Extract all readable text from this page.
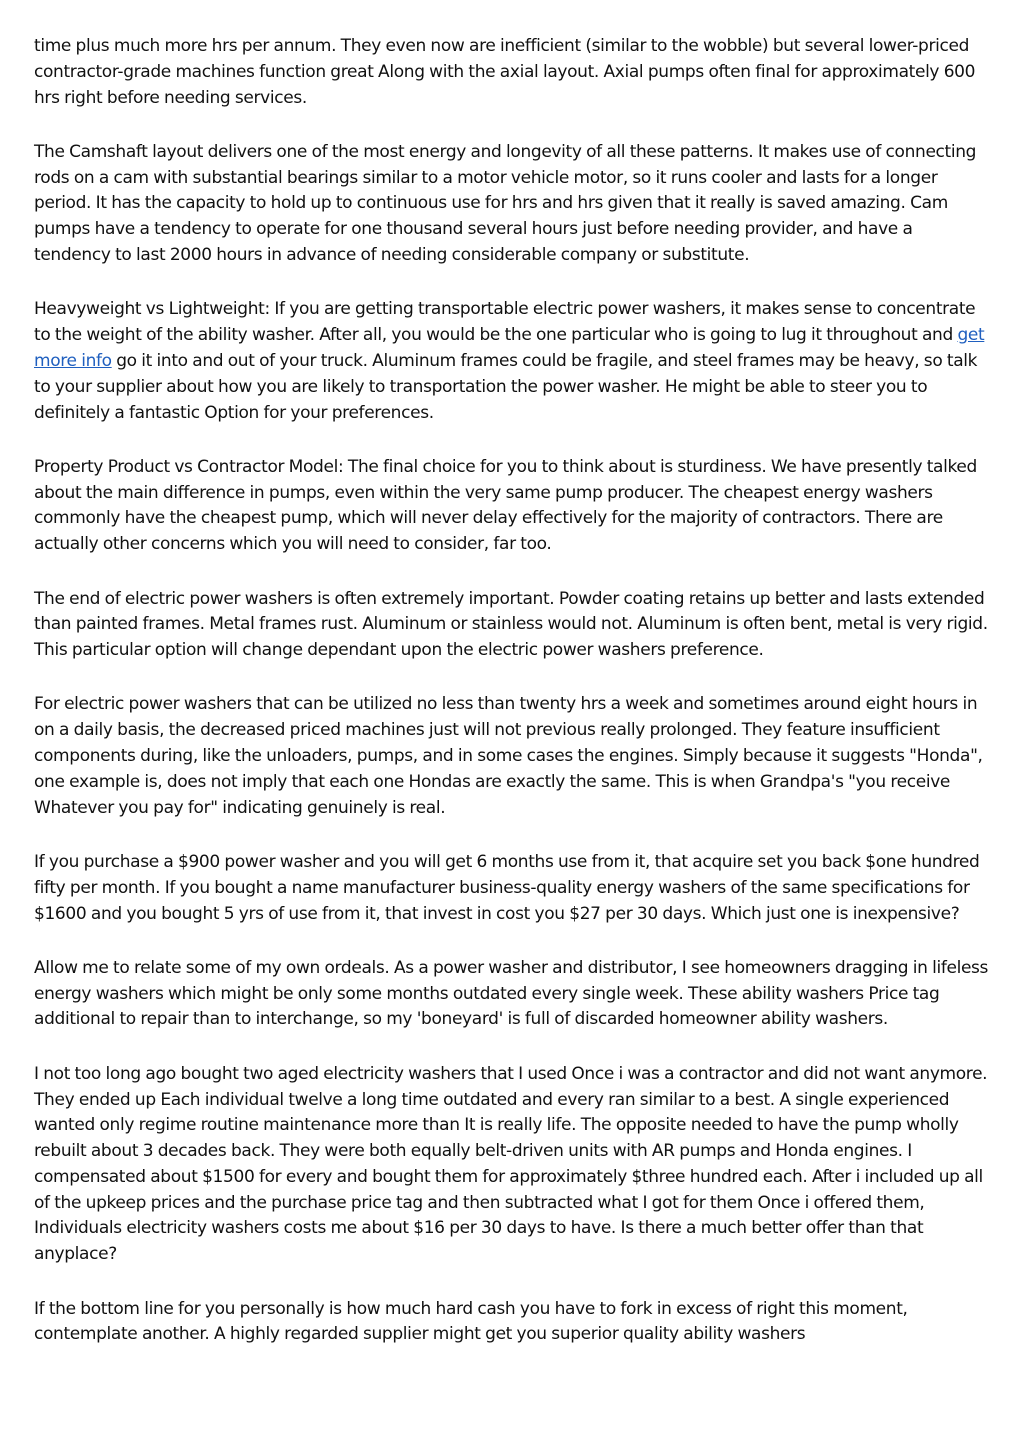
time plus much more hrs per annum. They even now are inefficient (similar to the wobble) but several lower-priced contractor-grade machines function great Along with the axial layout. Axial pumps often final for approximately 600 hrs right before needing services.

The Camshaft layout delivers one of the most energy and longevity of all these patterns. It makes use of connecting rods on a cam with substantial bearings similar to a motor vehicle motor, so it runs cooler and lasts for a longer period. It has the capacity to hold up to continuous use for hrs and hrs given that it really is saved amazing. Cam pumps have a tendency to operate for one thousand several hours just before needing provider, and have a tendency to last 2000 hours in advance of needing considerable company or substitute.

Heavyweight vs Lightweight: If you are getting transportable electric power washers, it makes sense to concentrate to the weight of the ability washer. After all, you would be the one particular who is going to lug it throughout and get more info go it into and out of your truck. Aluminum frames could be fragile, and steel frames may be heavy, so talk to your supplier about how you are likely to transportation the power washer. He might be able to steer you to definitely a fantastic Option for your preferences.

Property Product vs Contractor Model: The final choice for you to think about is sturdiness. We have presently talked about the main difference in pumps, even within the very same pump producer. The cheapest energy washers commonly have the cheapest pump, which will never delay effectively for the majority of contractors. There are actually other concerns which you will need to consider, far too.

The end of electric power washers is often extremely important. Powder coating retains up better and lasts extended than painted frames. Metal frames rust. Aluminum or stainless would not. Aluminum is often bent, metal is very rigid. This particular option will change dependant upon the electric power washers preference.

For electric power washers that can be utilized no less than twenty hrs a week and sometimes around eight hours in on a daily basis, the decreased priced machines just will not previous really prolonged. They feature insufficient components during, like the unloaders, pumps, and in some cases the engines. Simply because it suggests "Honda", one example is, does not imply that each one Hondas are exactly the same. This is when Grandpa's "you receive Whatever you pay for" indicating genuinely is real.

If you purchase a $900 power washer and you will get 6 months use from it, that acquire set you back $one hundred fifty per month. If you bought a name manufacturer business-quality energy washers of the same specifications for $1600 and you bought 5 yrs of use from it, that invest in cost you $27 per 30 days. Which just one is inexpensive?

Allow me to relate some of my own ordeals. As a power washer and distributor, I see homeowners dragging in lifeless energy washers which might be only some months outdated every single week. These ability washers Price tag additional to repair than to interchange, so my 'boneyard' is full of discarded homeowner ability washers.

I not too long ago bought two aged electricity washers that I used Once i was a contractor and did not want anymore. They ended up Each individual twelve a long time outdated and every ran similar to a best. A single experienced wanted only regime routine maintenance more than It is really life. The opposite needed to have the pump wholly rebuilt about 3 decades back. They were both equally belt-driven units with AR pumps and Honda engines. I compensated about $1500 for every and bought them for approximately $three hundred each. After i included up all of the upkeep prices and the purchase price tag and then subtracted what I got for them Once i offered them, Individuals electricity washers costs me about $16 per 30 days to have. Is there a much better offer than that anyplace?

If the bottom line for you personally is how much hard cash you have to fork in excess of right this moment, contemplate another. A highly regarded supplier might get you superior quality ability washers
